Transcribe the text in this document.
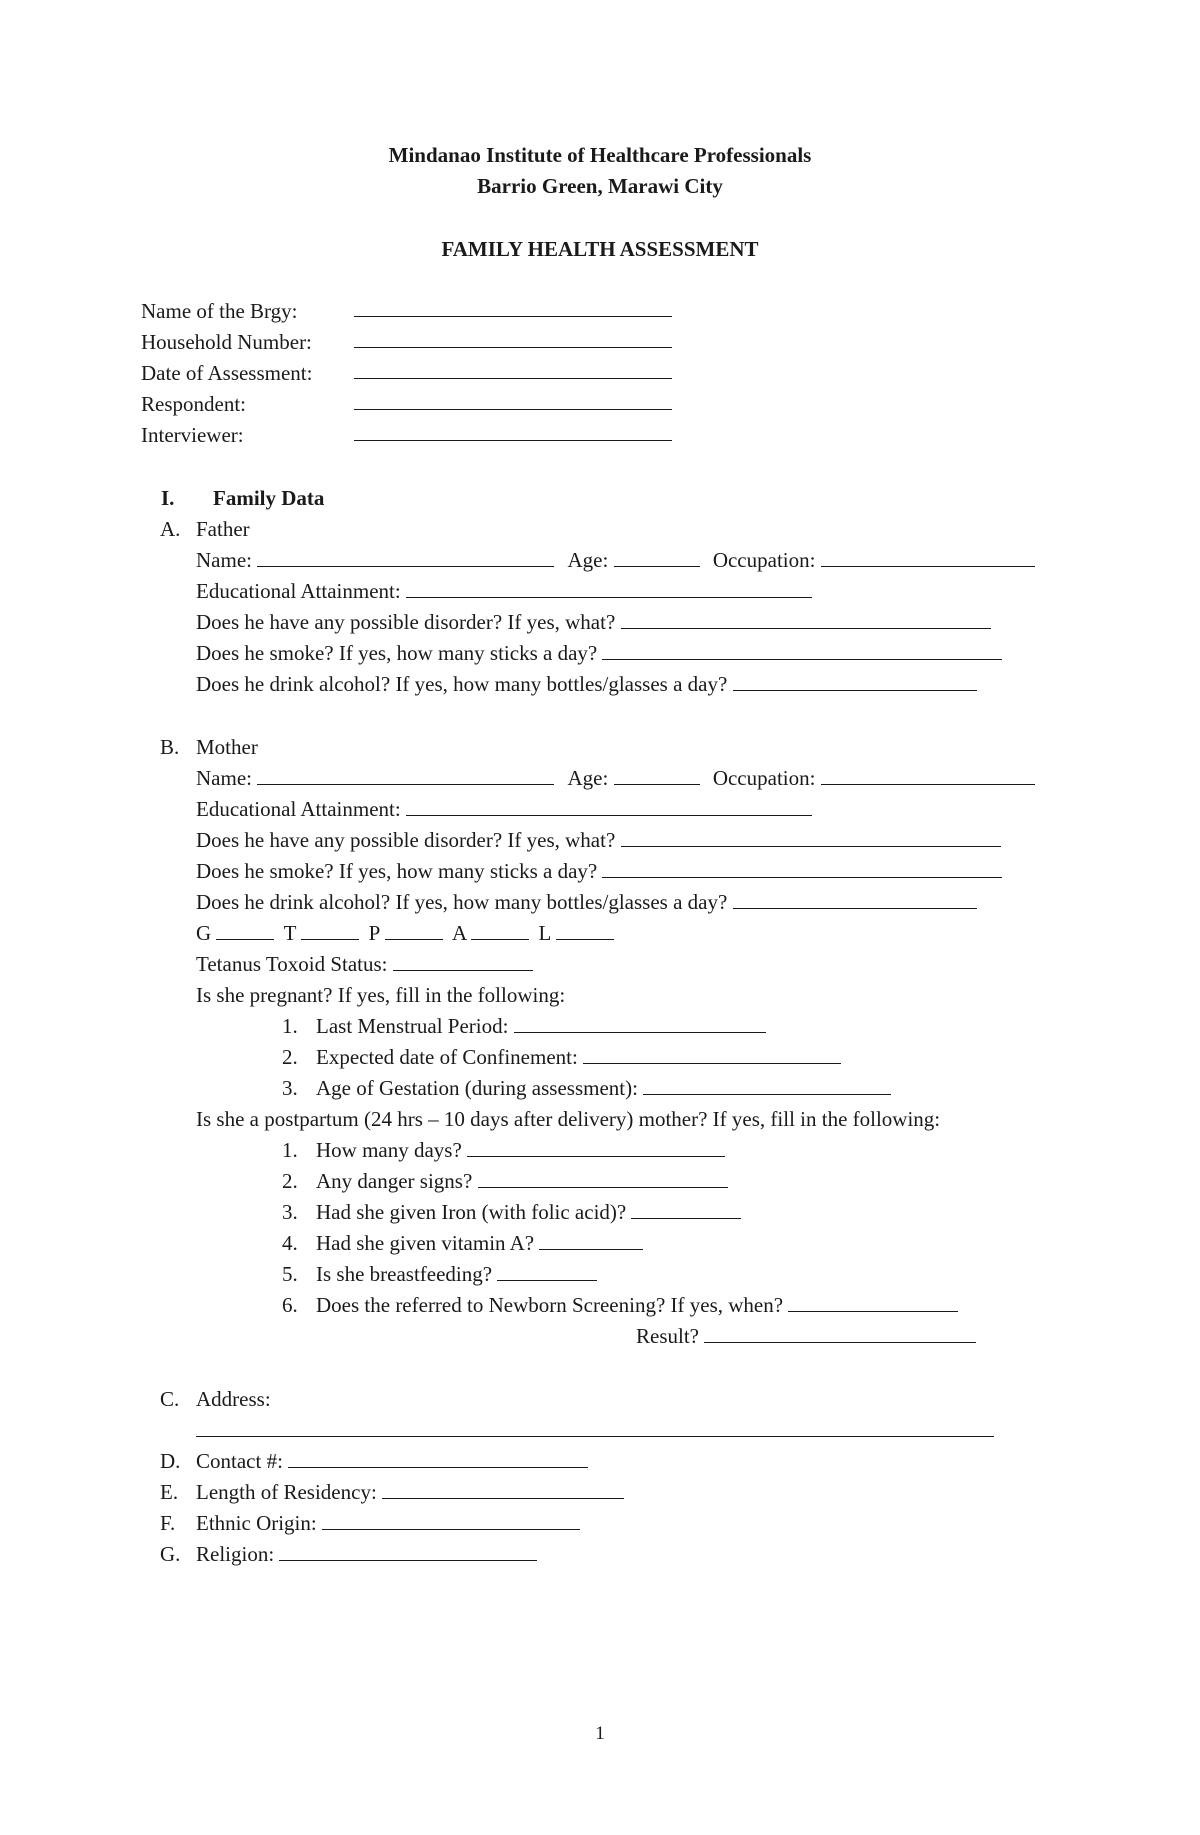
Mindanao Institute of Healthcare Professionals
Barrio Green, Marawi City
FAMILY HEALTH ASSESSMENT
Name of the Brgy:
Household Number:
Date of Assessment:
Respondent:
Interviewer:
I. Family Data
A. Father
Name:	Age:	Occupation:
Educational Attainment:
Does he have any possible disorder? If yes, what?
Does he smoke? If yes, how many sticks a day?
Does he drink alcohol? If yes, how many bottles/glasses a day?
B. Mother
Name:	Age:	Occupation:
Educational Attainment:
Does he have any possible disorder? If yes, what?
Does he smoke? If yes, how many sticks a day?
Does he drink alcohol? If yes, how many bottles/glasses a day?
G	T	P	A	L
Tetanus Toxoid Status:
Is she pregnant? If yes, fill in the following:
1. Last Menstrual Period:
2. Expected date of Confinement:
3. Age of Gestation (during assessment):
Is she a postpartum (24 hrs – 10 days after delivery) mother? If yes, fill in the following:
1. How many days?
2. Any danger signs?
3. Had she given Iron (with folic acid)?
4. Had she given vitamin A?
5. Is she breastfeeding?
6. Does the referred to Newborn Screening? If yes, when?
Result?
C. Address:
D. Contact #:
E. Length of Residency:
F. Ethnic Origin:
G. Religion:
1
